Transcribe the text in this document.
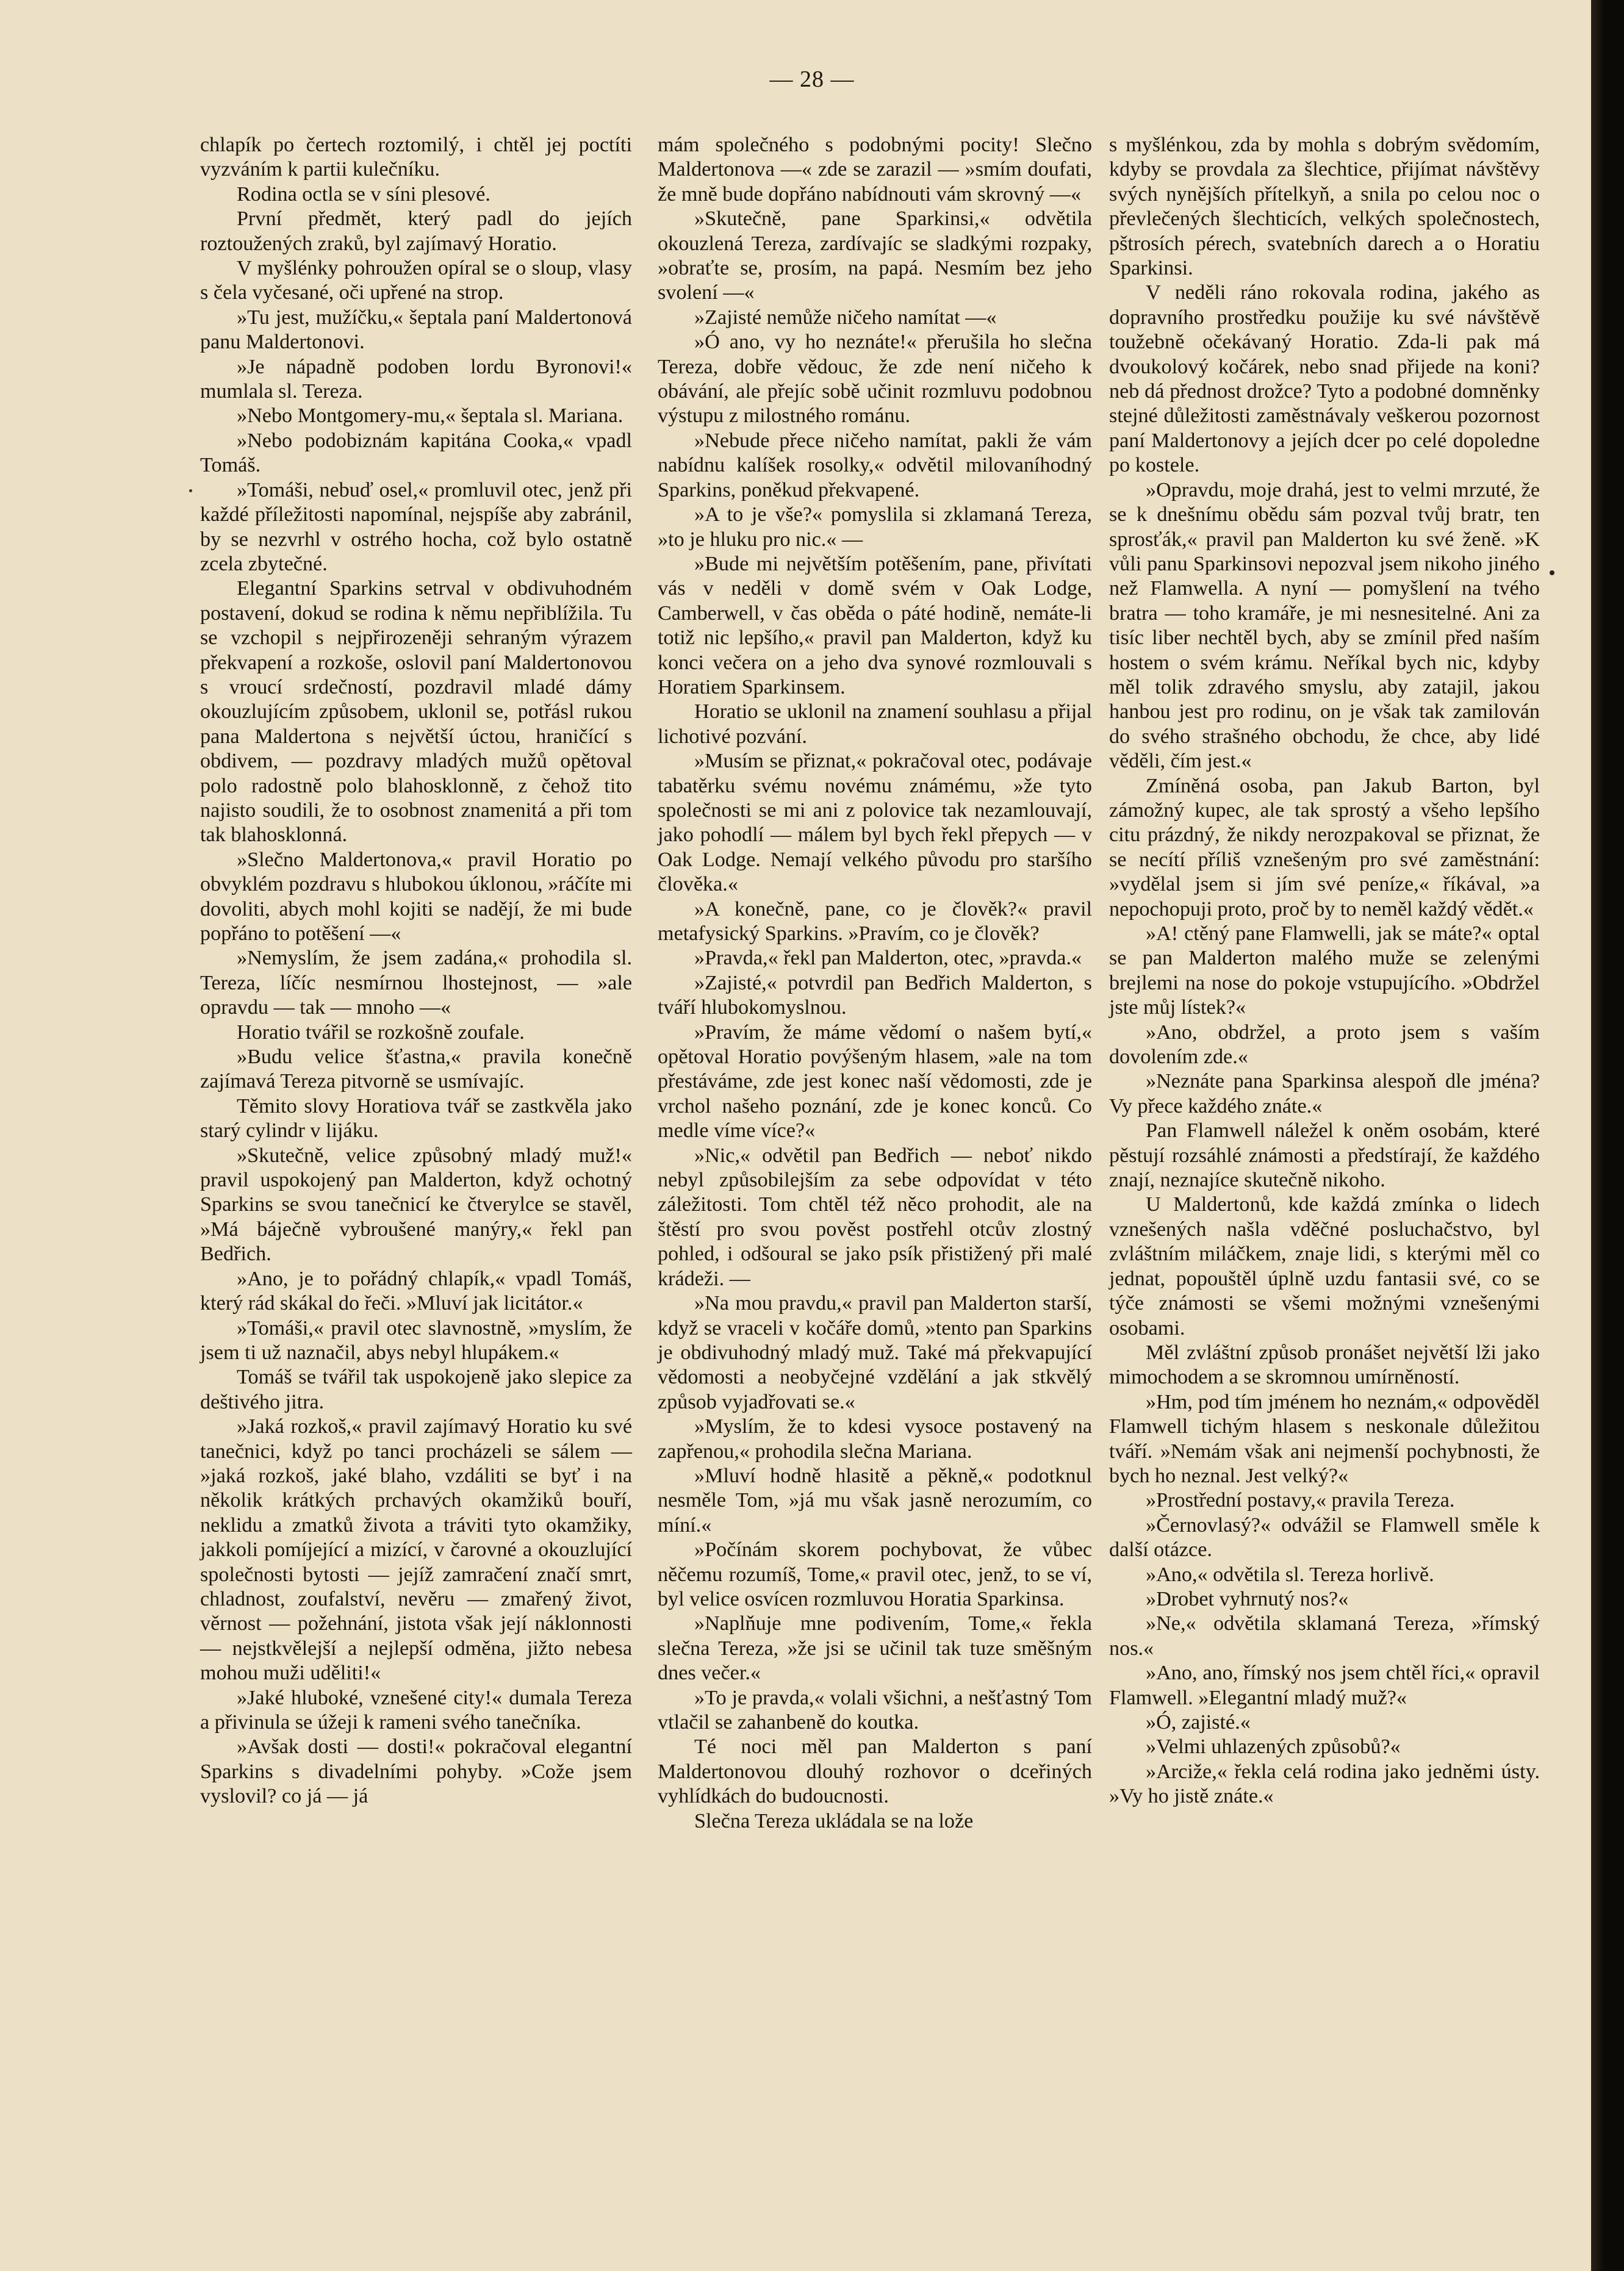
— 28 —

chlapík po čertech roztomilý, i chtěl jej poctíti vyzváním k partii kulečníku.

Rodina octla se v síni plesové.

První předmět, který padl do jejích roztoužených zraků, byl zajímavý Horatio.

V myšlénky pohroužen opíral se o sloup, vlasy s čela vyčesané, oči upřené na strop.

»Tu jest, mužíčku,« šeptala paní Maldertonová panu Maldertonovi.

»Je nápadně podoben lordu Byronovi!« mumlala sl. Tereza.

»Nebo Montgomery-mu,« šeptala sl. Mariana.

»Nebo podobiznám kapitána Cooka,« vpadl Tomáš.

»Tomáši, nebuď osel,« promluvil otec, jenž při každé příležitosti napomínal, nejspíše aby zabránil, by se nezvrhl v ostrého hocha, což bylo ostatně zcela zbytečné.

Elegantní Sparkins setrval v obdivuhodném postavení, dokud se rodina k němu nepřiblížila. Tu se vzchopil s nejpřirozeněji sehraným výrazem překvapení a rozkoše, oslovil paní Maldertonovou s vroucí srdečností, pozdravil mladé dámy okouzlujícím způsobem, uklonil se, potřásl rukou pana Maldertona s největší úctou, hraničící s obdivem, — pozdravy mladých mužů opětoval polo radostně polo blahosklonně, z čehož tito najisto soudili, že to osobnost znamenitá a při tom tak blahosklonná.

»Slečno Maldertonova,« pravil Horatio po obvyklém pozdravu s hlubokou úklonou, »ráčíte mi dovoliti, abych mohl kojiti se nadějí, že mi bude popřáno to potěšení —«

»Nemyslím, že jsem zadána,« prohodila sl. Tereza, líčíc nesmírnou lhostejnost, — »ale opravdu — tak — mnoho —«

Horatio tvářil se rozkošně zoufale.

»Budu velice šťastna,« pravila konečně zajímavá Tereza pitvorně se usmívajíc.

Těmito slovy Horatiova tvář se zastkvěla jako starý cylindr v lijáku.

»Skutečně, velice způsobný mladý muž!« pravil uspokojený pan Malderton, když ochotný Sparkins se svou tanečnicí ke čtverylce se stavěl, »Má báječně vybroušené manýry,« řekl pan Bedřich.

»Ano, je to pořádný chlapík,« vpadl Tomáš, který rád skákal do řeči. »Mluví jak licitátor.«

»Tomáši,« pravil otec slavnostně, »myslím, že jsem ti už naznačil, abys nebyl hlupákem.«

Tomáš se tvářil tak uspokojeně jako slepice za deštivého jitra.

»Jaká rozkoš,« pravil zajímavý Horatio ku své tanečnici, když po tanci procházeli se sálem — »jaká rozkoš, jaké blaho, vzdáliti se byť i na několik krátkých prchavých okamžiků bouří, neklidu a zmatků života a tráviti tyto okamžiky, jakkoli pomíjející a mizící, v čarovné a okouzlující společnosti bytosti — jejíž zamračení značí smrt, chladnost, zoufalství, nevěru — zmařený život, věrnost — požehnání, jistota však její náklonnosti — nejstkvělejší a nejlepší odměna, jižto nebesa mohou muži uděliti!«

»Jaké hluboké, vznešené city!« dumala Tereza a přivinula se úžeji k rameni svého tanečníka.

»Avšak dosti — dosti!« pokračoval elegantní Sparkins s divadelními pohyby. »Cože jsem vyslovil? co já — já

mám společného s podobnými pocity! Slečno Maldertonova —« zde se zarazil — »smím doufati, že mně bude dopřáno nabídnouti vám skrovný —«

»Skutečně, pane Sparkinsi,« odvětila okouzlená Tereza, zardívajíc se sladkými rozpaky, »obraťte se, prosím, na papá. Nesmím bez jeho svolení —«

»Zajisté nemůže ničeho namítat —«

»Ó ano, vy ho neznáte!« přerušila ho slečna Tereza, dobře vědouc, že zde není ničeho k obávání, ale přejíc sobě učinit rozmluvu podobnou výstupu z milostného románu.

»Nebude přece ničeho namítat, pakli že vám nabídnu kalíšek rosolky,« odvětil milovaníhodný Sparkins, poněkud překvapené.

»A to je vše?« pomyslila si zklamaná Tereza, »to je hluku pro nic.« —

»Bude mi největším potěšením, pane, přivítati vás v neděli v domě svém v Oak Lodge, Camberwell, v čas oběda o páté hodině, nemáte-li totiž nic lepšího,« pravil pan Malderton, když ku konci večera on a jeho dva synové rozmlouvali s Horatiem Sparkinsem.

Horatio se uklonil na znamení souhlasu a přijal lichotivé pozvání.

»Musím se přiznat,« pokračoval otec, podávaje tabatěrku svému novému známému, »že tyto společnosti se mi ani z polovice tak nezamlouvají, jako pohodlí — málem byl bych řekl přepych — v Oak Lodge. Nemají velkého původu pro staršího člověka.«

»A konečně, pane, co je člověk?« pravil metafysický Sparkins. »Pravím, co je člověk?

»Pravda,« řekl pan Malderton, otec, »pravda.«

»Zajisté,« potvrdil pan Bedřich Malderton, s tváří hlubokomyslnou.

»Pravím, že máme vědomí o našem bytí,« opětoval Horatio povýšeným hlasem, »ale na tom přestáváme, zde jest konec naší vědomosti, zde je vrchol našeho poznání, zde je konec konců. Co medle víme více?«

»Nic,« odvětil pan Bedřich — neboť nikdo nebyl způsobilejším za sebe odpovídat v této záležitosti. Tom chtěl též něco prohodit, ale na štěstí pro svou pověst postřehl otcův zlostný pohled, i odšoural se jako psík přistižený při malé krádeži. —

»Na mou pravdu,« pravil pan Malderton starší, když se vraceli v kočáře domů, »tento pan Sparkins je obdivuhodný mladý muž. Také má překvapující vědomosti a neobyčejné vzdělání a jak stkvělý způsob vyjadřovati se.«

»Myslím, že to kdesi vysoce postavený na zapřenou,« prohodila slečna Mariana.

»Mluví hodně hlasitě a pěkně,« podotknul nesměle Tom, »já mu však jasně nerozumím, co míní.«

»Počínám skorem pochybovat, že vůbec něčemu rozumíš, Tome,« pravil otec, jenž, to se ví, byl velice osvícen rozmluvou Horatia Sparkinsa.

»Naplňuje mne podivením, Tome,« řekla slečna Tereza, »že jsi se učinil tak tuze směšným dnes večer.«

»To je pravda,« volali všichni, a nešťastný Tom vtlačil se zahanbeně do koutka.

Té noci měl pan Malderton s paní Maldertonovou dlouhý rozhovor o dceřiných vyhlídkách do budoucnosti.

Slečna Tereza ukládala se na lože

s myšlénkou, zda by mohla s dobrým svědomím, kdyby se provdala za šlechtice, přijímat návštěvy svých nynějších přítelkyň, a snila po celou noc o převlečených šlechticích, velkých společnostech, pštrosích pérech, svatebních darech a o Horatiu Sparkinsi.

V neděli ráno rokovala rodina, jakého as dopravního prostředku použije ku své návštěvě toužebně očekávaný Horatio. Zda-li pak má dvoukolový kočárek, nebo snad přijede na koni? neb dá přednost drožce? Tyto a podobné domněnky stejné důležitosti zaměstnávaly veškerou pozornost paní Maldertonovy a jejích dcer po celé dopoledne po kostele.

»Opravdu, moje drahá, jest to velmi mrzuté, že se k dnešnímu obědu sám pozval tvůj bratr, ten sprosťák,« pravil pan Malderton ku své ženě. »K vůli panu Sparkinsovi nepozval jsem nikoho jiného než Flamwella. A nyní — pomyšlení na tvého bratra — toho kramáře, je mi nesnesitelné. Ani za tisíc liber nechtěl bych, aby se zmínil před naším hostem o svém krámu. Neříkal bych nic, kdyby měl tolik zdravého smyslu, aby zatajil, jakou hanbou jest pro rodinu, on je však tak zamilován do svého strašného obchodu, že chce, aby lidé věděli, čím jest.«

Zmíněná osoba, pan Jakub Barton, byl zámožný kupec, ale tak sprostý a všeho lepšího citu prázdný, že nikdy nerozpakoval se přiznat, že se necítí příliš vznešeným pro své zaměstnání: »vydělal jsem si jím své peníze,« říkával, »a nepochopuji proto, proč by to neměl každý vědět.«

»A! ctěný pane Flamwelli, jak se máte?« optal se pan Malderton malého muže se zelenými brejlemi na nose do pokoje vstupujícího. »Obdržel jste můj lístek?«

»Ano, obdržel, a proto jsem s vaším dovolením zde.«

»Neznáte pana Sparkinsa alespoň dle jména? Vy přece každého znáte.«

Pan Flamwell náležel k oněm osobám, které pěstují rozsáhlé známosti a předstírají, že každého znají, neznajíce skutečně nikoho.

U Maldertonů, kde každá zmínka o lidech vznešených našla vděčné posluchačstvo, byl zvláštním miláčkem, znaje lidi, s kterými měl co jednat, popouštěl úplně uzdu fantasii své, co se týče známosti se všemi možnými vznešenými osobami.

Měl zvláštní způsob pronášet největší lži jako mimochodem a se skromnou umírněností.

»Hm, pod tím jménem ho neznám,« odpověděl Flamwell tichým hlasem s neskonale důležitou tváří. »Nemám však ani nejmenší pochybnosti, že bych ho neznal. Jest velký?«

»Prostřední postavy,« pravila Tereza.

»Černovlasý?« odvážil se Flamwell směle k další otázce.

»Ano,« odvětila sl. Tereza horlivě.

»Drobet vyhrnutý nos?«

»Ne,« odvětila sklamaná Tereza, »římský nos.«

»Ano, ano, římský nos jsem chtěl říci,« opravil Flamwell. »Elegantní mladý muž?«

»Ó, zajisté.«

»Velmi uhlazených způsobů?«

»Arciže,« řekla celá rodina jako jedněmi ústy. »Vy ho jistě znáte.«
